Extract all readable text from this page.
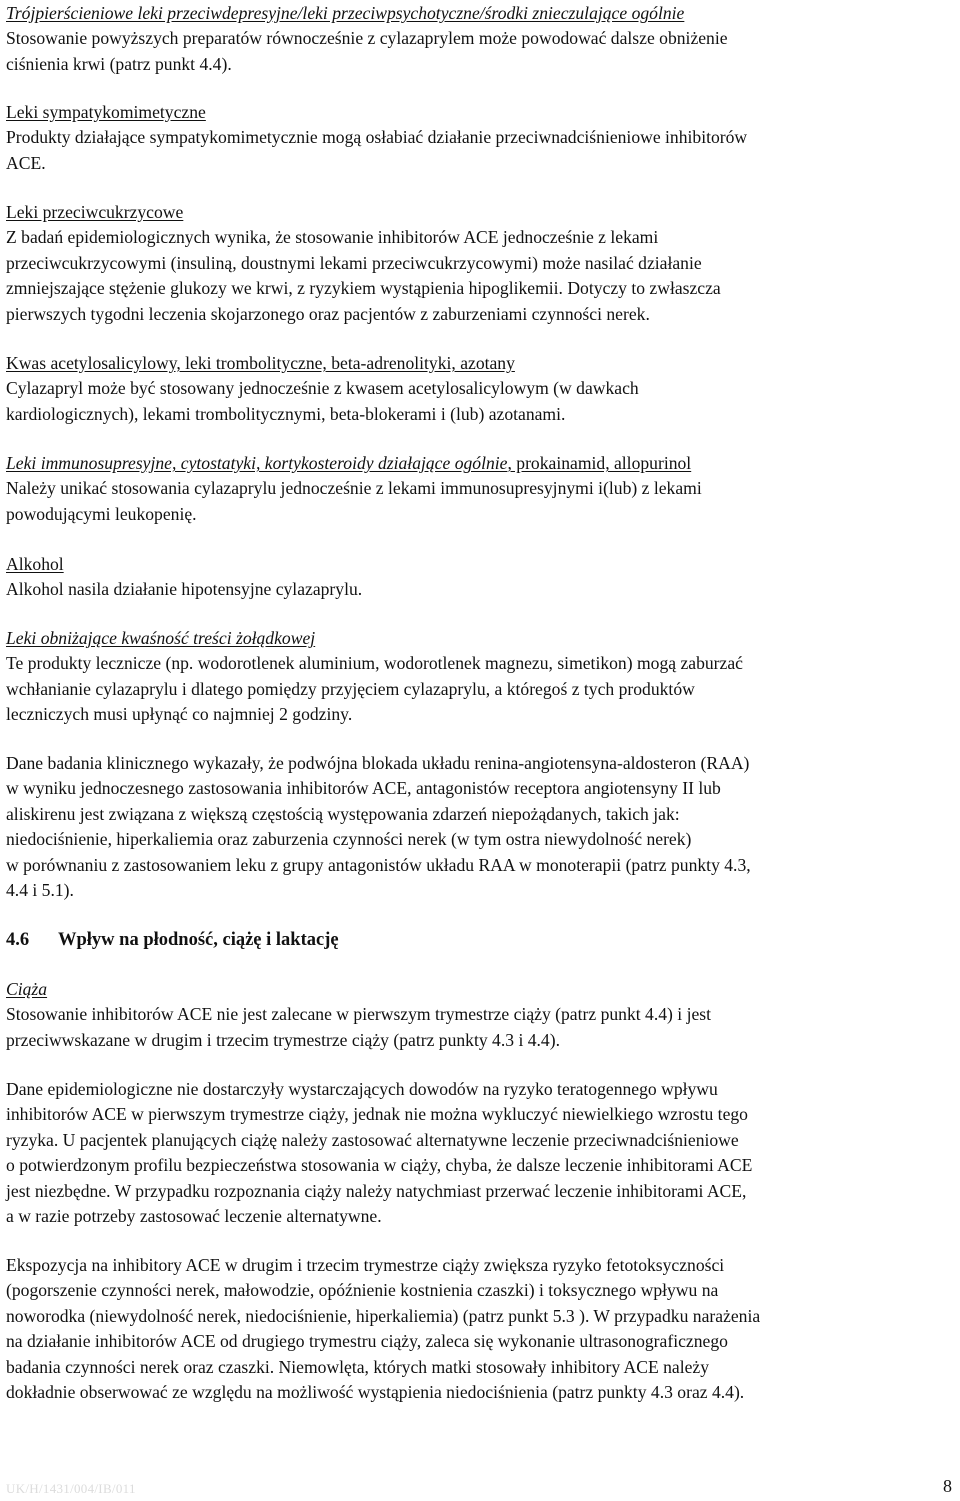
Trójpierścieniowe leki przeciwdepresyjne/leki przeciwpsychotyczne/środki znieczulające ogólnie
Stosowanie powyższych preparatów równocześnie z cylazaprylem może powodować dalsze obniżenie
ciśnienia krwi (patrz punkt 4.4).
Leki sympatykomimetyczne
Produkty działające sympatykomimetycznie mogą osłabiać działanie przeciwnadciśnieniowe inhibitorów
ACE.
Leki przeciwcukrzycowe
Z badań epidemiologicznych wynika, że stosowanie inhibitorów ACE jednocześnie z lekami
przeciwcukrzycowymi (insuliną, doustnymi lekami przeciwcukrzycowymi) może nasilać działanie
zmniejszające stężenie glukozy we krwi, z ryzykiem wystąpienia hipoglikemii. Dotyczy to zwłaszcza
pierwszych tygodni leczenia skojarzonego oraz pacjentów z zaburzeniami czynności nerek.
Kwas acetylosalicylowy, leki trombolityczne, beta-adrenolityki, azotany
Cylazapryl może być stosowany jednocześnie z kwasem acetylosalicylowym (w dawkach
kardiologicznych), lekami trombolitycznymi, beta-blokerami i (lub) azotanami.
Leki immunosupresyjne, cytostatyki, kortykosteroidy działające ogólnie, prokainamid, allopurinol
Należy unikać stosowania cylazaprylu jednocześnie z lekami immunosupresyjnymi i(lub) z lekami
powodującymi leukopenię.
Alkohol
Alkohol nasila działanie hipotensyjne cylazaprylu.
Leki obniżające kwaśność treści żołądkowej
Te produkty lecznicze (np. wodorotlenek aluminium, wodorotlenek magnezu, simetikon) mogą zaburzać
wchłanianie cylazaprylu i dlatego pomiędzy przyjęciem cylazaprylu, a któregoś z tych produktów
leczniczych musi upłynąć co najmniej 2 godziny.
Dane badania klinicznego wykazały, że podwójna blokada układu renina-angiotensyna-aldosteron (RAA)
w wyniku jednoczesnego zastosowania inhibitorów ACE, antagonistów receptora angiotensyny II lub
aliskirenu jest związana z większą częstością występowania zdarzeń niepożądanych, takich jak:
niedociśnienie, hiperkaliemia oraz zaburzenia czynności nerek (w tym ostra niewydolność nerek)
w porównaniu z zastosowaniem leku z grupy antagonistów układu RAA w monoterapii (patrz punkty 4.3,
4.4 i 5.1).
4.6 Wpływ na płodność, ciążę i laktację
Ciąża
Stosowanie inhibitorów ACE nie jest zalecane w pierwszym trymestrze ciąży (patrz punkt 4.4) i jest
przeciwwskazane w drugim i trzecim trymestrze ciąży (patrz punkty 4.3 i 4.4).
Dane epidemiologiczne nie dostarczyły wystarczających dowodów na ryzyko teratogennego wpływu
inhibitorów ACE w pierwszym trymestrze ciąży, jednak nie można wykluczyć niewielkiego wzrostu tego
ryzyka. U pacjentek planujących ciążę należy zastosować alternatywne leczenie przeciwnadciśnieniowe
o potwierdzonym profilu bezpieczeństwa stosowania w ciąży, chyba, że dalsze leczenie inhibitorami ACE
jest niezbędne. W przypadku rozpoznania ciąży należy natychmiast przerwać leczenie inhibitorami ACE,
a w razie potrzeby zastosować leczenie alternatywne.
Ekspozycja na inhibitory ACE w drugim i trzecim trymestrze ciąży zwiększa ryzyko fetotoksyczności
(pogorszenie czynności nerek, małowodzie, opóźnienie kostnienia czaszki) i toksycznego wpływu na
noworodka (niewydolność nerek, niedociśnienie, hiperkaliemia) (patrz punkt 5.3 ). W przypadku narażenia
na działanie inhibitorów ACE od drugiego trymestru ciąży, zaleca się wykonanie ultrasonograficznego
badania czynności nerek oraz czaszki. Niemowlęta, których matki stosowały inhibitory ACE należy
dokładnie obserwować ze względu na możliwość wystąpienia niedociśnienia (patrz punkty 4.3 oraz 4.4).
UK/H/1431/004/IB/011	8
